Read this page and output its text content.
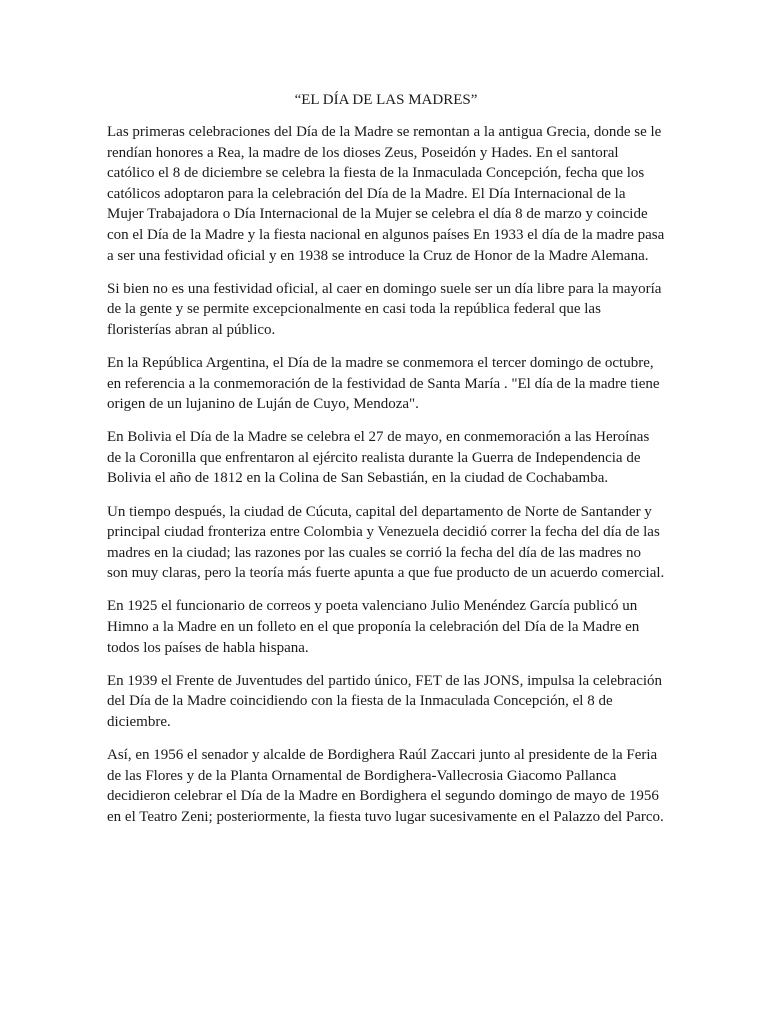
“EL DÍA DE LAS MADRES”

Las primeras celebraciones del Día de la Madre se remontan a la antigua Grecia, donde se le rendían honores a Rea, la madre de los dioses Zeus, Poseidón y Hades. En el santoral católico el 8 de diciembre se celebra la fiesta de la Inmaculada Concepción, fecha que los católicos adoptaron para la celebración del Día de la Madre. El Día Internacional de la Mujer Trabajadora o Día Internacional de la Mujer se celebra el día 8 de marzo y coincide con el Día de la Madre y la fiesta nacional en algunos países En 1933 el día de la madre pasa a ser una festividad oficial y en 1938 se introduce la Cruz de Honor de la Madre Alemana.

Si bien no es una festividad oficial, al caer en domingo suele ser un día libre para la mayoría de la gente y se permite excepcionalmente en casi toda la república federal que las floristerías abran al público.

En la República Argentina, el Día de la madre se conmemora el tercer domingo de octubre, en referencia a la conmemoración de la festividad de Santa María . "El día de la madre tiene origen de un lujanino de Luján de Cuyo, Mendoza".

En Bolivia el Día de la Madre se celebra el 27 de mayo, en conmemoración a las Heroínas de la Coronilla que enfrentaron al ejército realista durante la Guerra de Independencia de Bolivia el año de 1812 en la Colina de San Sebastián, en la ciudad de Cochabamba.

Un tiempo después, la ciudad de Cúcuta, capital del departamento de Norte de Santander y principal ciudad fronteriza entre Colombia y Venezuela decidió correr la fecha del día de las madres en la ciudad; las razones por las cuales se corrió la fecha del día de las madres no son muy claras, pero la teoría más fuerte apunta a que fue producto de un acuerdo comercial.

En 1925 el funcionario de correos y poeta valenciano Julio Menéndez García publicó un Himno a la Madre en un folleto en el que proponía la celebración del Día de la Madre en todos los países de habla hispana.

En 1939 el Frente de Juventudes del partido único, FET de las JONS, impulsa la celebración del Día de la Madre coincidiendo con la fiesta de la Inmaculada Concepción, el 8 de diciembre.

Así, en 1956 el senador y alcalde de Bordighera Raúl Zaccari junto al presidente de la Feria de las Flores y de la Planta Ornamental de Bordighera-Vallecrosia Giacomo Pallanca decidieron celebrar el Día de la Madre en Bordighera el segundo domingo de mayo de 1956 en el Teatro Zeni; posteriormente, la fiesta tuvo lugar sucesivamente en el Palazzo del Parco.
